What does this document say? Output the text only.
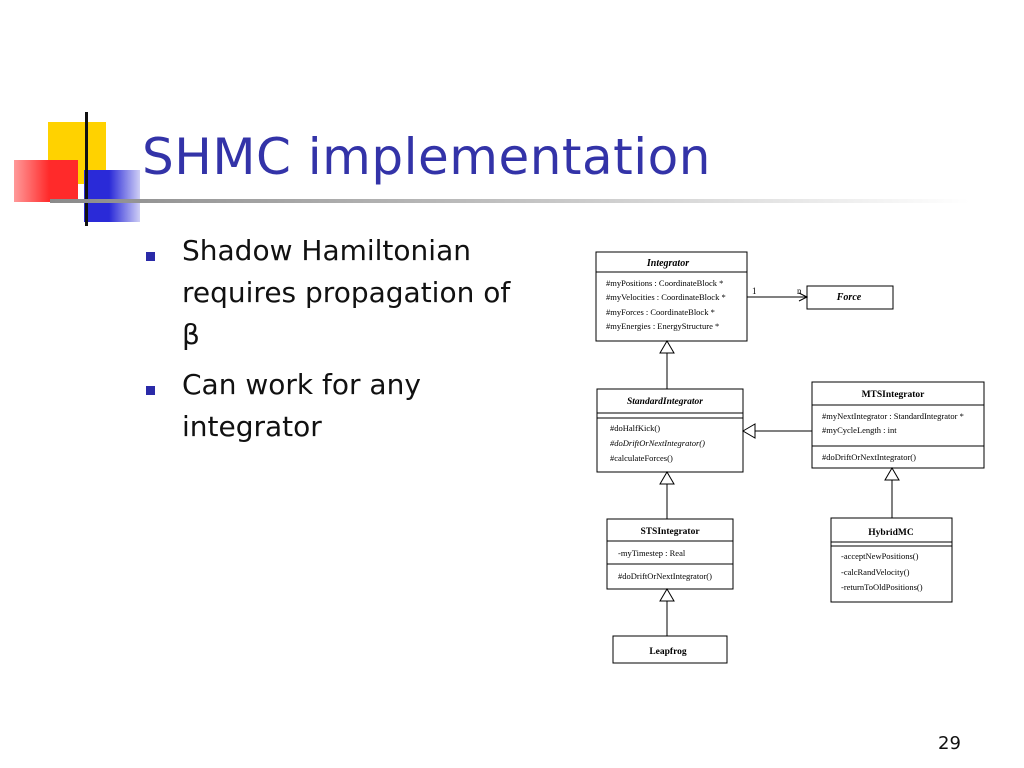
SHMC implementation
Shadow Hamiltonian requires propagation of β
Can work for any integrator
Integrator
Force
StandardIntegrator
MTSIntegrator
STSIntegrator	HybridMC
Leapfrog
1	n
#myPositions : CoordinateBlock *
#myVelocities : CoordinateBlock *
#myForces : CoordinateBlock *
#myEnergies : EnergyStructure *
#doHalfKick()
#doDriftOrNextIntegrator()
#calculateForces()
#myNextIntegrator : StandardIntegrator *
#myCycleLength : int
#doDriftOrNextIntegrator()
-myTimestep : Real
#doDriftOrNextIntegrator()
-acceptNewPositions()
-calcRandVelocity()
-returnToOldPositions()
29
